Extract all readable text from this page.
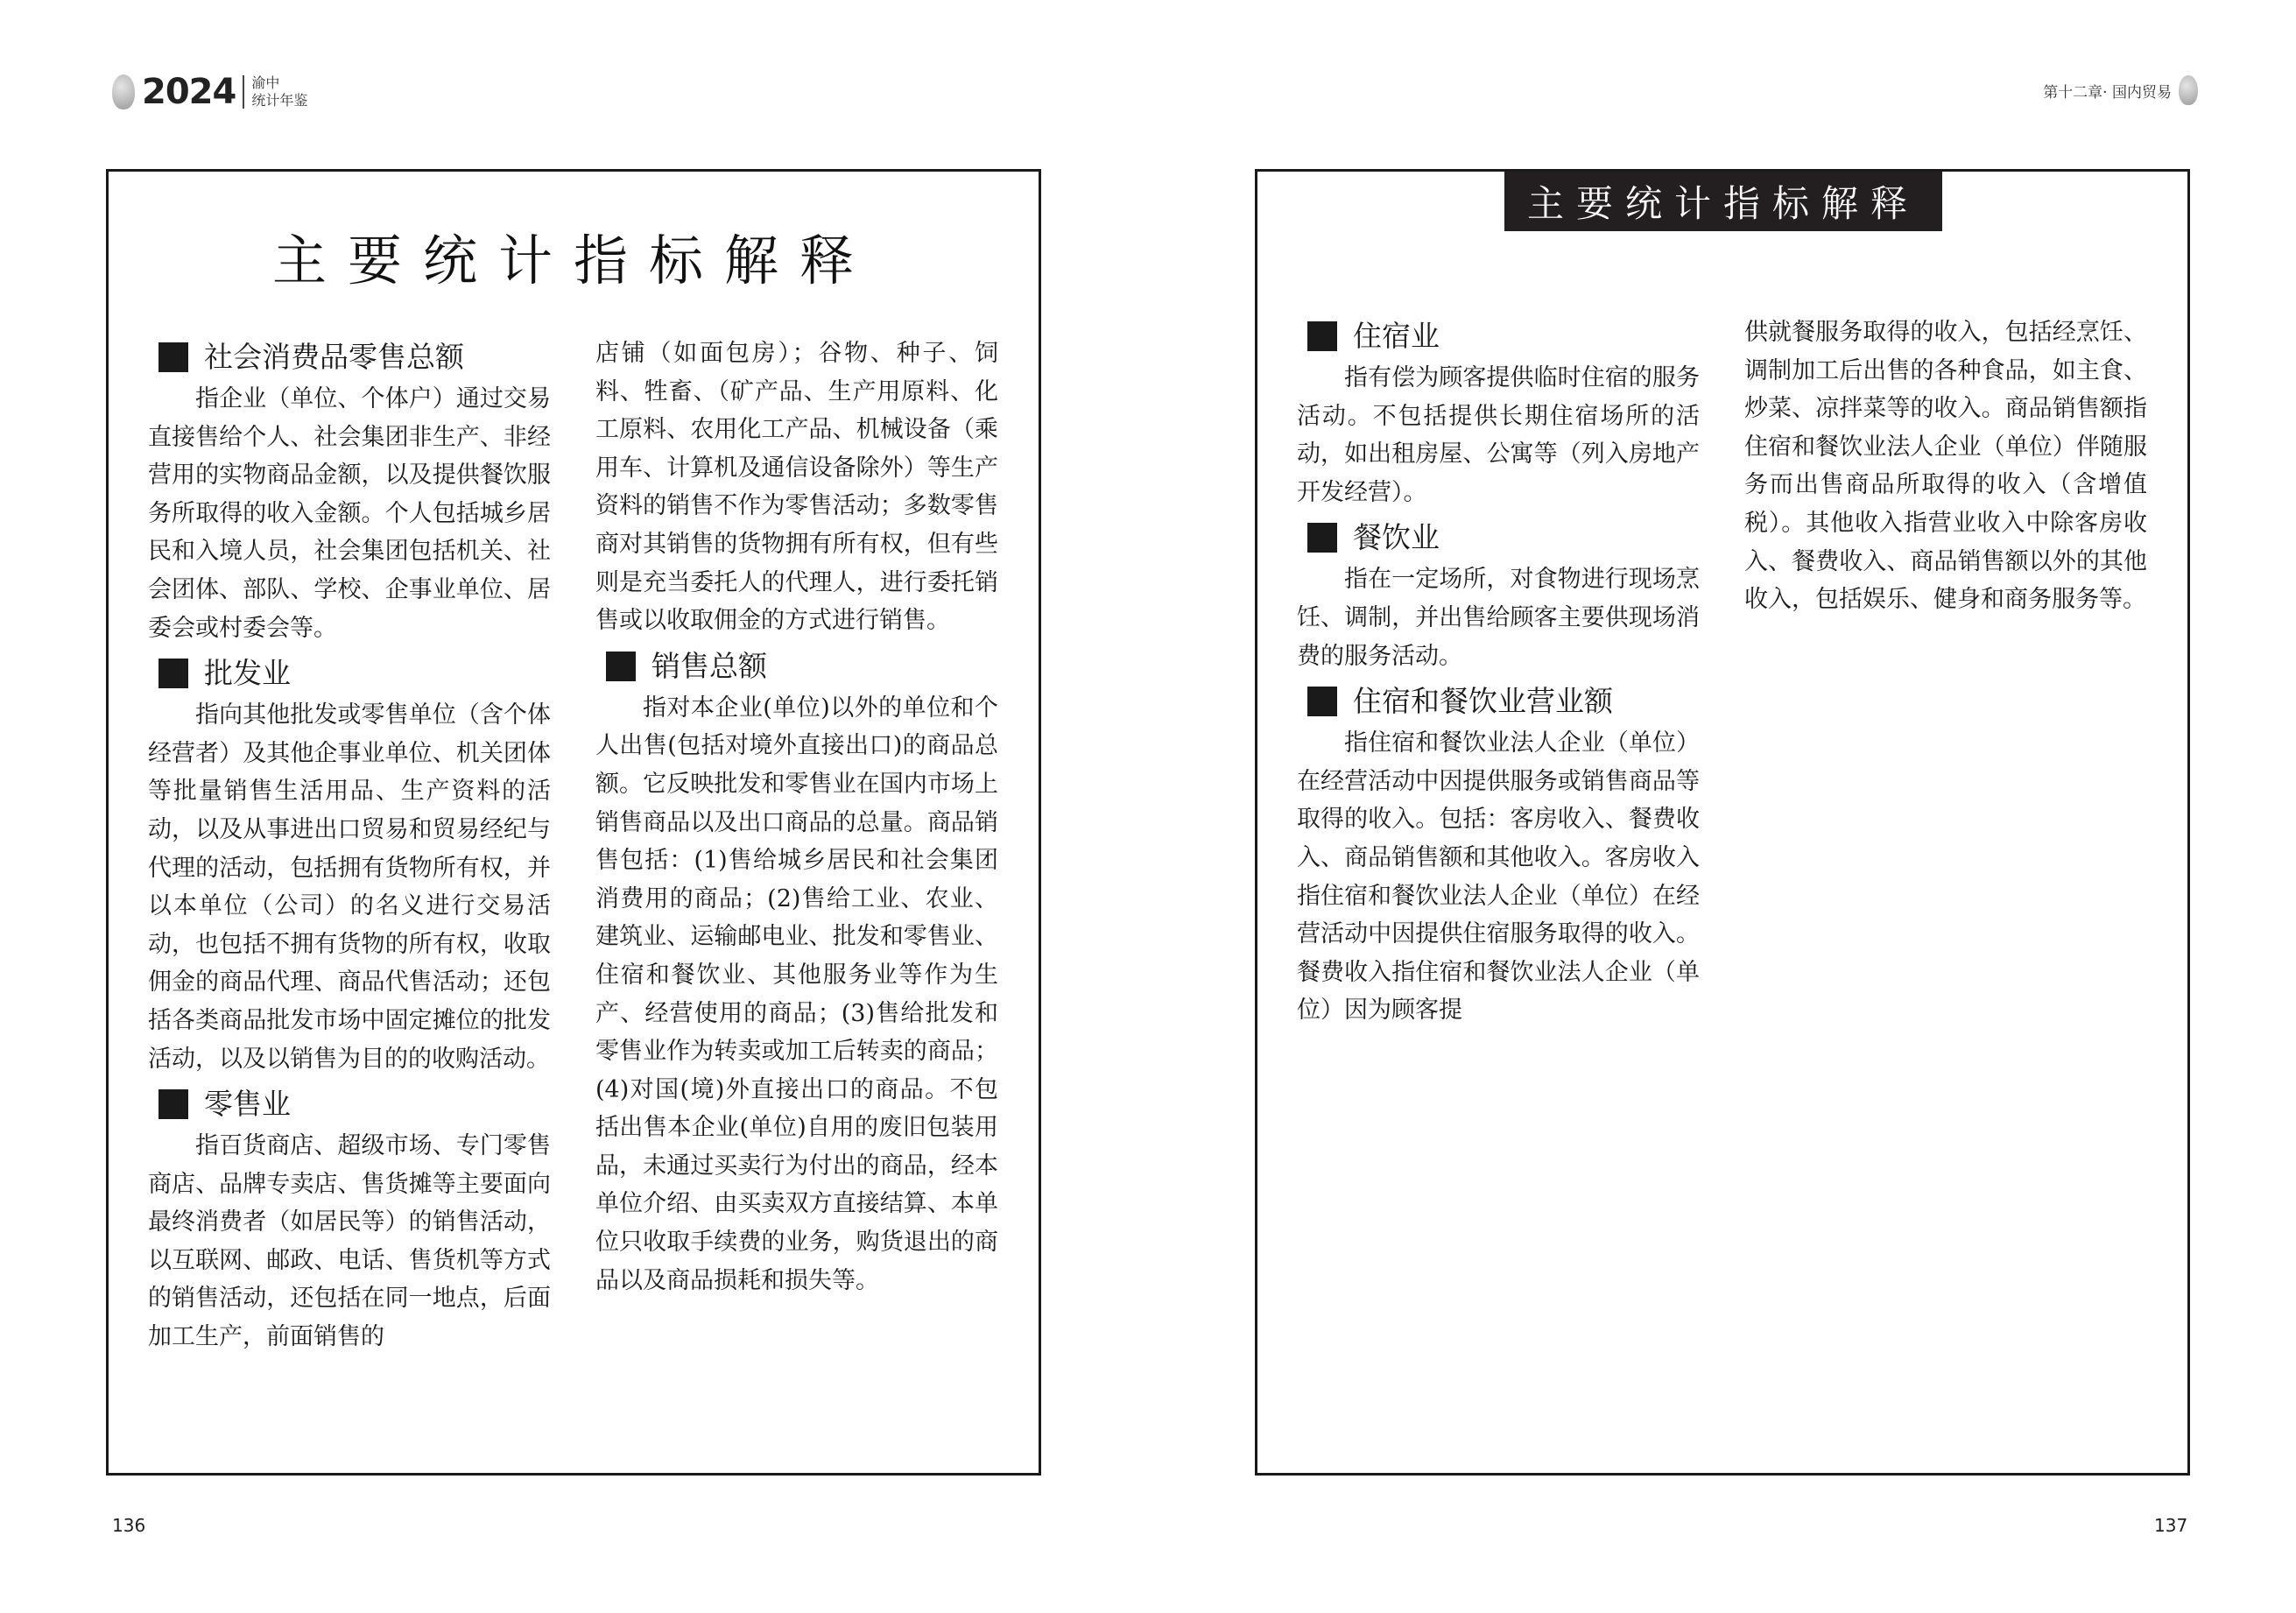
2024 渝中
统计年鉴	第十二章· 国内贸易
主要统计指标解释
社会消费品零售总额

指企业（单位、个体户）通过交易直接售给个人、社会集团非生产、非经营用的实物商品金额，以及提供餐饮服务所取得的收入金额。个人包括城乡居民和入境人员，社会集团包括机关、社会团体、部队、学校、企事业单位、居委会或村委会等。

批发业

指向其他批发或零售单位（含个体经营者）及其他企事业单位、机关团体等批量销售生活用品、生产资料的活动，以及从事进出口贸易和贸易经纪与代理的活动，包括拥有货物所有权，并以本单位（公司）的名义进行交易活动，也包括不拥有货物的所有权，收取佣金的商品代理、商品代售活动；还包括各类商品批发市场中固定摊位的批发活动，以及以销售为目的的收购活动。

零售业

指百货商店、超级市场、专门零售商店、品牌专卖店、售货摊等主要面向最终消费者（如居民等）的销售活动，以互联网、邮政、电话、售货机等方式的销售活动，还包括在同一地点，后面加工生产，前面销售的

店铺（如面包房）；谷物、种子、饲料、牲畜、（矿产品、生产用原料、化工原料、农用化工产品、机械设备（乘用车、计算机及通信设备除外）等生产资料的销售不作为零售活动；多数零售商对其销售的货物拥有所有权，但有些则是充当委托人的代理人，进行委托销售或以收取佣金的方式进行销售。

销售总额

指对本企业(单位)以外的单位和个人出售(包括对境外直接出口)的商品总额。它反映批发和零售业在国内市场上销售商品以及出口商品的总量。商品销售包括：(1)售给城乡居民和社会集团消费用的商品；(2)售给工业、农业、建筑业、运输邮电业、批发和零售业、住宿和餐饮业、其他服务业等作为生产、经营使用的商品；(3)售给批发和零售业作为转卖或加工后转卖的商品；(4)对国(境)外直接出口的商品。不包括出售本企业(单位)自用的废旧包装用品，未通过买卖行为付出的商品，经本单位介绍、由买卖双方直接结算、本单位只收取手续费的业务，购货退出的商品以及商品损耗和损失等。

136
主要统计指标解释
住宿业

指有偿为顾客提供临时住宿的服务活动。不包括提供长期住宿场所的活动，如出租房屋、公寓等（列入房地产开发经营）。

餐饮业

指在一定场所，对食物进行现场烹饪、调制，并出售给顾客主要供现场消费的服务活动。

住宿和餐饮业营业额

指住宿和餐饮业法人企业（单位）在经营活动中因提供服务或销售商品等取得的收入。包括：客房收入、餐费收入、商品销售额和其他收入。客房收入指住宿和餐饮业法人企业（单位）在经营活动中因提供住宿服务取得的收入。餐费收入指住宿和餐饮业法人企业（单位）因为顾客提

供就餐服务取得的收入，包括经烹饪、调制加工后出售的各种食品，如主食、炒菜、凉拌菜等的收入。商品销售额指住宿和餐饮业法人企业（单位）伴随服务而出售商品所取得的收入（含增值税）。其他收入指营业收入中除客房收入、餐费收入、商品销售额以外的其他收入，包括娱乐、健身和商务服务等。

137
